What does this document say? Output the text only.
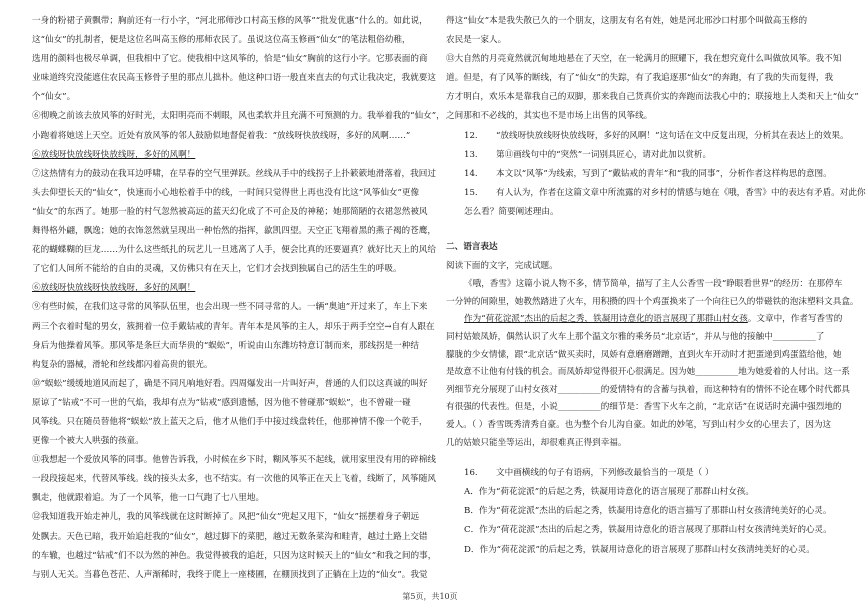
一身的粉裙子黄飘带；胸前还有一行小字，“河北邢师沙口村高玉修的风筝”“批发优惠”什么的。如此说，
这“仙女”的扎制者，便是这位名叫高玉修的邢师农民了。虽说这位高玉修画“仙女”的笔法粗俗幼稚，
选用的颜料也极尽单调，但我相中了它。使我相中这风筝的，恰是“仙女”胸前的这行小字。它那表面的商
业味道终究没能遮住农民高玉修骨子里的那点儿拙朴。他这种口语一般直来直去的句式让我决定，我就要这
个“仙女”。
⑥彻晚之前该去放风筝的好时光，太阳明亮而不刺眼，风也柔软并且充满不可预测的力。我举着我的“仙女”，
小跑着将她送上天空。近处有放风筝的邻人鼓励似地督促着我：“放线呀快放线呀，多好的风啊……”
⑥放线呀快放线呀快放线呀，多好的风啊！
⑦这热情有力的鼓动在我耳边呼啸，在早春的空气里弹跃。丝线从手中的线拐子上扑簌簌地滑落着，我回过
头去仰望长天的“仙女”，快速而小心地松着手中的线，一时间只觉得世上再也没有比这“风筝仙女”更像
“仙女”的东西了。她那一脸的村气忽然被高远的蓝天幻化成了不可企及的神秘；她那简陋的衣裙忽然被风
舞得格外翩，飘逸；她的衣饰忽然就呈现出一种怡然的指挥，歙凯四望。天空正飞翔着黑的燕子褐的苍鹰，
花的蝴蝶糊的巨龙……为什么这些纸扎的玩艺儿一旦逃离了人手，便会比真的还要逼真？就好比天上的风给
了它们人间所不能给的自由的灵魂，又仿佛只有在天上，它们才会找到独属自己的活生生的呼吸。
⑥放线呀快放线呀快放线呀，多好的风啊！
⑨有些时候，在我们这寻常的风筝队伍里，也会出现一些不同寻常的人。一辆“奥迪”开过来了，车上下来
两三个衣着时髦的男女，簇拥着一位手戴钻戒的青年。青年本是风筝的主人，却乐于两手空空→自有人跟在
身后为他操着风筝。那风筝是条巨大而华贵的“蜈蚣”，听说由山东潍坊特意订制而来，那线拐是一种结
构复杂的器械，滑轮和丝线都闪着高贵的银光。
⑩“蜈蚣”缓缓地道风而起了，确是不同凡响地好看。四周爆发出一片叫好声，普通的人们以这真诚的叫好
原谅了“钻戒”不可一世的气焰，我却有点为“钻戒”感到遗憾，因为他不曾碰那“蜈蚣”，也不曾碰一碰
风筝线。只在随员替他将“蜈蚣”放上蓝天之后，他才从他们手中接过线盘转任，他那神情不像一个乾手，
更像一个被大人哄强的孩童。
⑪我想起一个爱放风筝的同事。他曾告诉我，小时候在乡下时，糊风筝买不起线，就用家里没有用的碎棉线
一段段接起来，代替风筝线。线的接头太多，也不结实。有一次他的风筝正在天上飞着，线断了，风筝随风
飘走，他就跟着追。为了一个风筝，他一口气跑了七八里地。
⑫我知道我开始走神儿，我的风筝线就在这时断掉了。风把“仙女”兜起又甩下，“仙女”摇摆着身子朝远
处飘去。天色已暗，我开始追赶我的“仙女”，越过脚下的菜肥，越过无数条菜沟和畦青，越过土路上交错
的车辙，也越过“钻戒”们不以为然的神色。我觉得被我的追赶，只因为这时候天上的“仙女”和我之间的事，
与别人无关。当暮色苍茫、人声渐稀时，我终于爬上一座楼圃，在棚顶找到了正躺在上边的“仙女”。我觉
得这“仙女”本是我失散已久的一个朋友，这朋友有名有姓，她是河北邢沙口村那个叫做高玉修的
农民是一家人。
⑬大自然的月亮竟然就沉甸地地悬在了天空，在一轮满月的照耀下，我在想究竟什么叫做放风筝。我不知
道。但是，有了风筝的断线，有了“仙女”的失踪，有了我追逐那“仙女”的奔跑，有了我的失而复得，我
方才明白，欢乐本是靠我自己的双脚，那来我自己货真价实的奔跑而法我心中的；联接地上人类和天上“仙女”
之间那和不必线的，其实也不是市场上出售的风筝线。
12. “放线呀快放线呀快放线呀，多好的风啊！”这句话在文中反复出现，分析其在表达上的效果。
13. 第⑪画线句中的“突然”一词别具匠心，请对此加以赏析。
14. 本文以“风筝”为线索，写到了“戴钻戒的青年”和“我的同事”，分析作者这样构思的意图。
15. 有人认为，作者在这篇文章中所流露的对乡村的情感与她在《哦，香雪》中的表达有矛盾。对此你
怎么看？简要阐述理由。
二、语言表达
阅读下面的文字，完成试题。
《哦，香雪》这篇小说人物不多，情节简单，描写了主人公香雪一段“睁眼看世界”的经历：在那停车
一分钟的间隙里，她教然踏进了火车，用积攒的四十个鸡蛋换来了一个向往已久的带磁铁的泡沫塑料文具盒。
作为“荷花淀派”杰出的后起之秀，铁凝用诗意化的语言展现了那群山村女孩。文章中，作者写香雪的
同村姑娘凤娇，偶然认识了火车上那个温文尔雅的乘务员“北京话”，并从与他的接触中__________了
朦胧的少女情愫，跟“北京话”做买卖时，凤娇有意磨磨蹭蹭，直到火车开动时才把蛋递到鸡蛋篮给他，她
是故意不让他有付钱的机会。而凤娇却觉得很开心很满足。因为她__________地为她爱着的人付出。这一系
列细节充分展现了山村女孩对__________的爱情特有的含蓄与执着，而这种特有的情怀不论在哪个时代都具
有很强的代表性。但是，小说__________的细节是：香雪下火车之前，“北京话”在说话时充满中强烈地的
爱人。（ ）香雪既秀清秀自豪。也为整个台儿沟自豪。如此的妙笔，写到山村少女的心里去了，因为这
几的姑娘只能坐等运出，却很难真正得到幸福。
16. 文中画横线的句子有语病，下列修改最恰当的一项是（ ）
A．作为“荷花淀派”的后起之秀，铁凝用诗意化的语言展现了那群山村女孩。
B．作为“荷花淀派”杰出的后起之秀，铁凝用诗意化的语言描写了那群山村女孩清纯美好的心灵。
C．作为“荷花淀派”杰出的后起之秀，铁凝用诗意化的语言展现了那群山村女孩清纯美好的心灵。
D．作为“荷花淀派”的后起之秀，铁凝用诗意化的语言展现了那群山村女孩清纯美好的心灵。
第5页，共10页
